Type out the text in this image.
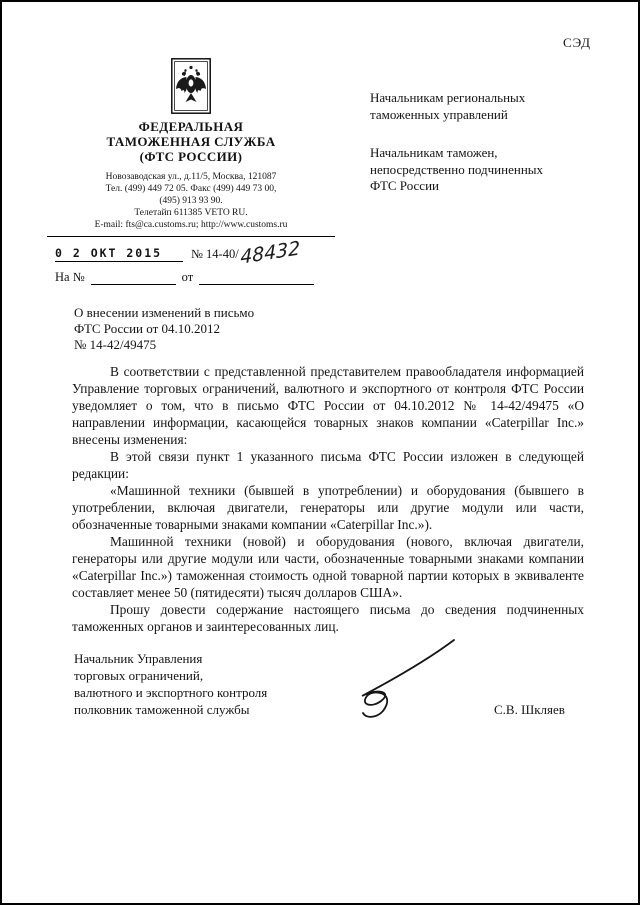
СЭД
ФЕДЕРАЛЬНАЯ
ТАМОЖЕННАЯ СЛУЖБА
(ФТС РОССИИ)
Новозаводская ул., д.11/5, Москва, 121087
Тел. (499) 449 72 05. Факс (499) 449 73 00,
(495) 913 93 90.
Телетайп 611385 VETO RU.
E-mail: fts@ca.customs.ru; http://www.customs.ru
0 2 ОКТ 2015	№ 14-40/ 48432
На №	от
Начальникам региональных
таможенных управлений
Начальникам таможен,
непосредственно подчиненных
ФТС России
О внесении изменений в письмо
ФТС России от 04.10.2012
№ 14-42/49475

В соответствии с представленной представителем правообладателя информацией Управление торговых ограничений, валютного и экспортного от контроля ФТС России уведомляет о том, что в письмо ФТС России от 04.10.2012 № 14-42/49475 «О направлении информации, касающейся товарных знаков компании «Caterpillar Inc.» внесены изменения:

В этой связи пункт 1 указанного письма ФТС России изложен в следующей редакции:

«Машинной техники (бывшей в употреблении) и оборудования (бывшего в употреблении, включая двигатели, генераторы или другие модули или части, обозначенные товарными знаками компании «Caterpillar Inc.»).

Машинной техники (новой) и оборудования (нового, включая двигатели, генераторы или другие модули или части, обозначенные товарными знаками компании «Caterpillar Inc.») таможенная стоимость одной товарной партии которых в эквиваленте составляет менее 50 (пятидесяти) тысяч долларов США».

Прошу довести содержание настоящего письма до сведения подчиненных таможенных органов и заинтересованных лиц.

Начальник Управления
торговых ограничений,
валютного и экспортного контроля
полковник таможенной службы	С.В. Шкляев
